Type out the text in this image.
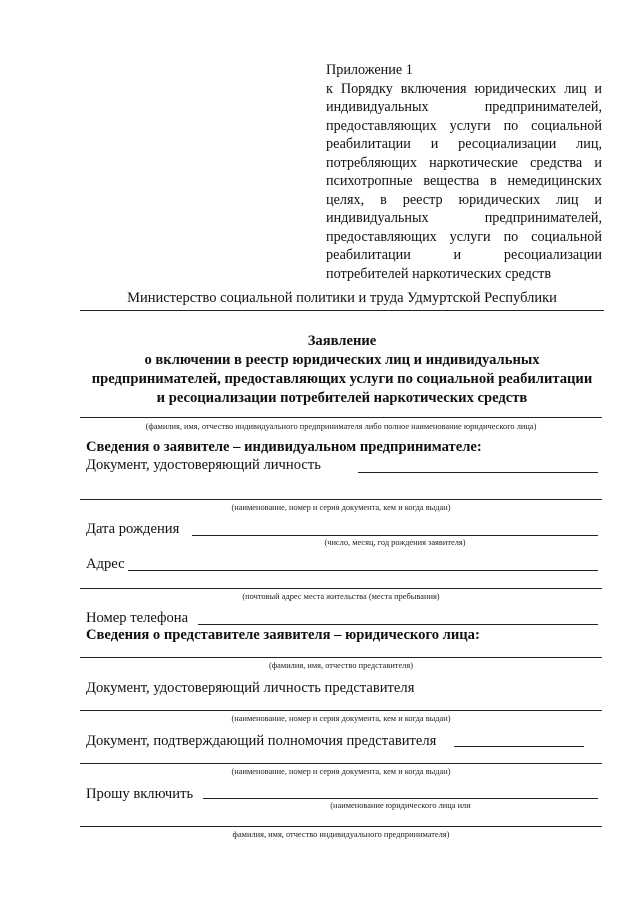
Приложение 1
к Порядку включения юридических лиц и индивидуальных предпринимателей, предоставляющих услуги по социальной реабилитации и ресоциализации лиц, потребляющих наркотические средства и психотропные вещества в немедицинских целях, в реестр юридических лиц и индивидуальных предпринимателей, предоставляющих услуги по социальной реабилитации и ресоциализации потребителей наркотических средств
Министерство социальной политики и труда Удмуртской Республики
Заявление
о включении в реестр юридических лиц и индивидуальных
предпринимателей, предоставляющих услуги по социальной реабилитации
и ресоциализации потребителей наркотических средств
(фамилия, имя, отчество индивидуального предпринимателя либо полное наименование юридического лица)
Сведения о заявителе – индивидуальном предпринимателе:
Документ, удостоверяющий личность
(наименование, номер и серия документа, кем и когда выдан)
Дата рождения
(число, месяц, год рождения заявителя)
Адрес
(почтовый адрес места жительства (места пребывания)
Номер телефона
Сведения о представителе заявителя – юридического лица:
(фамилия, имя, отчество представителя)
Документ, удостоверяющий личность представителя
(наименование, номер и серия документа, кем и когда выдан)
Документ, подтверждающий полномочия представителя
(наименование, номер и серия документа, кем и когда выдан)
Прошу включить
(наименование юридического лица или
фамилия, имя, отчество индивидуального предпринимателя)
